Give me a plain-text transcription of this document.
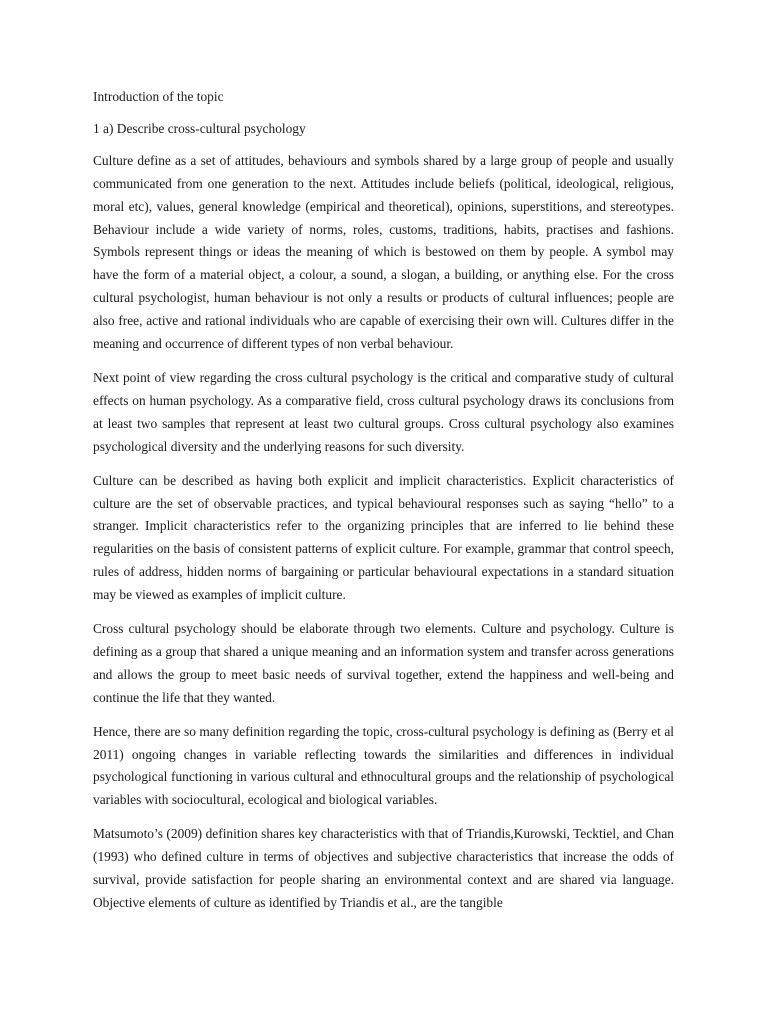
Introduction of the topic

1 a) Describe cross-cultural psychology

Culture define as a set of attitudes, behaviours and symbols shared by a large group of people and usually communicated from one generation to the next. Attitudes include beliefs (political, ideological, religious, moral etc), values, general knowledge (empirical and theoretical), opinions, superstitions, and stereotypes. Behaviour include a wide variety of norms, roles, customs, traditions, habits, practises and fashions. Symbols represent things or ideas the meaning of which is bestowed on them by people. A symbol may have the form of a material object, a colour, a sound, a slogan, a building, or anything else. For the cross cultural psychologist, human behaviour is not only a results or products of cultural influences; people are also free, active and rational individuals who are capable of exercising their own will. Cultures differ in the meaning and occurrence of different types of non verbal behaviour.

Next point of view regarding the cross cultural psychology is the critical and comparative study of cultural effects on human psychology. As a comparative field, cross cultural psychology draws its conclusions from at least two samples that represent at least two cultural groups. Cross cultural psychology also examines psychological diversity and the underlying reasons for such diversity.

Culture can be described as having both explicit and implicit characteristics. Explicit characteristics of culture are the set of observable practices, and typical behavioural responses such as saying “hello” to a stranger. Implicit characteristics refer to the organizing principles that are inferred to lie behind these regularities on the basis of consistent patterns of explicit culture. For example, grammar that control speech, rules of address, hidden norms of bargaining or particular behavioural expectations in a standard situation may be viewed as examples of implicit culture.

Cross cultural psychology should be elaborate through two elements. Culture and psychology. Culture is defining as a group that shared a unique meaning and an information system and transfer across generations and allows the group to meet basic needs of survival together, extend the happiness and well-being and continue the life that they wanted.

Hence, there are so many definition regarding the topic, cross-cultural psychology is defining as (Berry et al 2011) ongoing changes in variable reflecting towards the similarities and differences in individual psychological functioning in various cultural and ethnocultural groups and the relationship of psychological variables with sociocultural, ecological and biological variables.

Matsumoto’s (2009) definition shares key characteristics with that of Triandis,Kurowski, Tecktiel, and Chan (1993) who defined culture in terms of objectives and subjective characteristics that increase the odds of survival, provide satisfaction for people sharing an environmental context and are shared via language. Objective elements of culture as identified by Triandis et al., are the tangible
